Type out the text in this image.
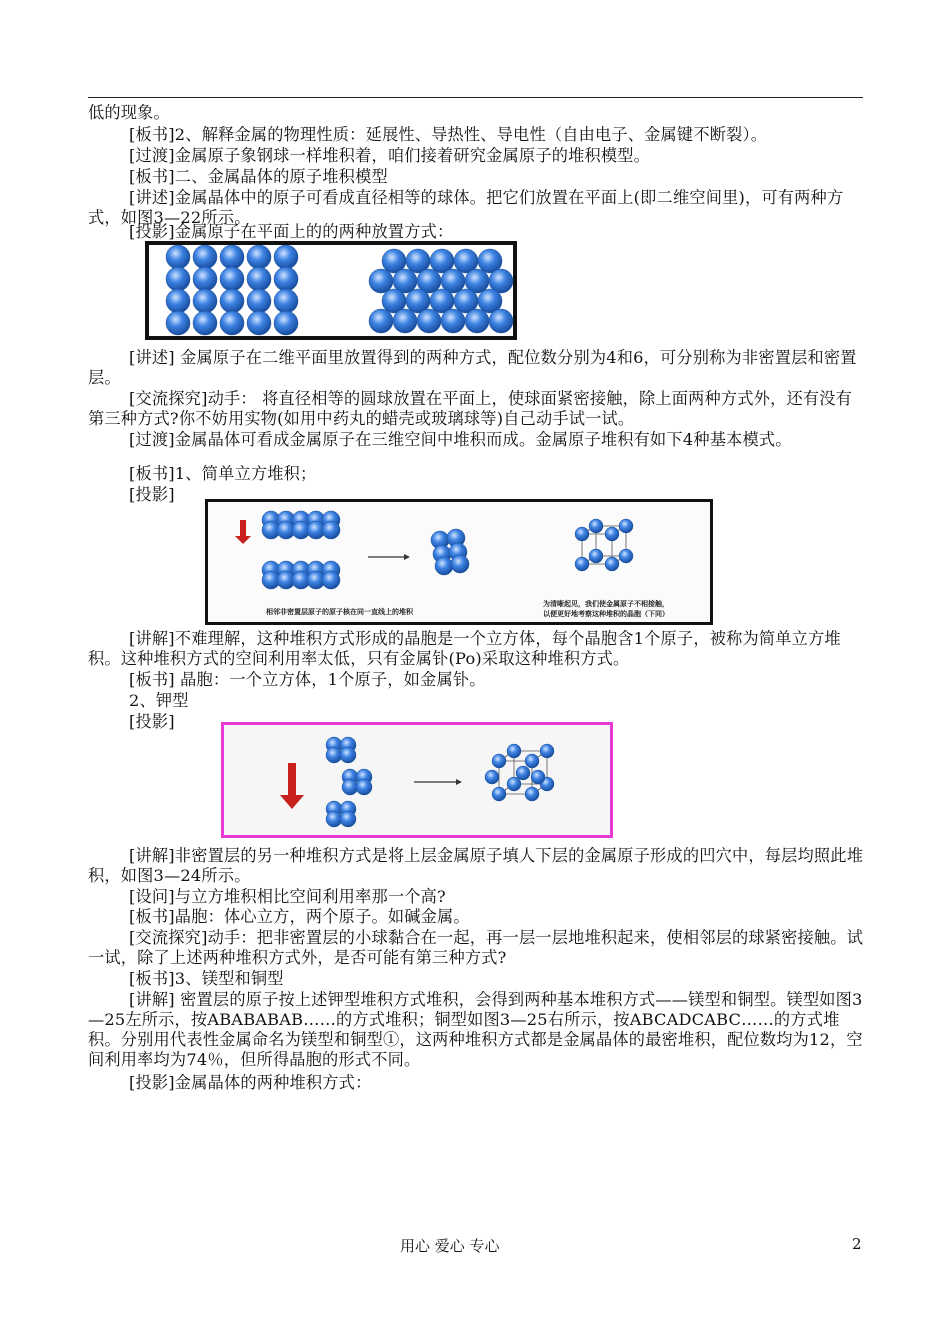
低的现象。
[板书]2、解释金属的物理性质：延展性、导热性、导电性（自由电子、金属键不断裂）。
[过渡]金属原子象钢球一样堆积着，咱们接着研究金属原子的堆积模型。
[板书]二、金属晶体的原子堆积模型
[讲述]金属晶体中的原子可看成直径相等的球体。把它们放置在平面上(即二维空间里)，可有两种方式，如图3—22所示。
[投影]金属原子在平面上的的两种放置方式：
[讲述] 金属原子在二维平面里放置得到的两种方式，配位数分别为4和6，可分别称为非密置层和密置层。
[交流探究]动手： 将直径相等的圆球放置在平面上，使球面紧密接触，除上面两种方式外，还有没有第三种方式?你不妨用实物(如用中药丸的蜡壳或玻璃球等)自己动手试一试。
[过渡]金属晶体可看成金属原子在三维空间中堆积而成。金属原子堆积有如下4种基本模式。
[板书]1、简单立方堆积；
[投影]
相邻非密置层原子的原子核在同一直线上的堆积
为清晰起见，我们使金属原子不相接触，
以便更好地考察这种堆积的晶胞（下同）
[讲解]不难理解，这种堆积方式形成的晶胞是一个立方体，每个晶胞含1个原子，被称为简单立方堆积。这种堆积方式的空间利用率太低，只有金属钋(Po)采取这种堆积方式。
[板书] 晶胞：一个立方体，1个原子，如金属钋。
2、钾型
[投影]
[讲解]非密置层的另一种堆积方式是将上层金属原子填人下层的金属原子形成的凹穴中，每层均照此堆积，如图3—24所示。
[设问]与立方堆积相比空间利用率那一个高?
[板书]晶胞：体心立方，两个原子。如碱金属。
[交流探究]动手：把非密置层的小球黏合在一起，再一层一层地堆积起来，使相邻层的球紧密接触。试一试，除了上述两种堆积方式外，是否可能有第三种方式?
[板书]3、镁型和铜型
[讲解] 密置层的原子按上述钾型堆积方式堆积，会得到两种基本堆积方式——镁型和铜型。镁型如图3—25左所示，按ABABABAB……的方式堆积；铜型如图3—25右所示，按ABCADCABC……的方式堆积。分别用代表性金属命名为镁型和铜型①，这两种堆积方式都是金属晶体的最密堆积，配位数均为12，空间利用率均为74％，但所得晶胞的形式不同。
[投影]金属晶体的两种堆积方式：
用心 爱心 专心	2
